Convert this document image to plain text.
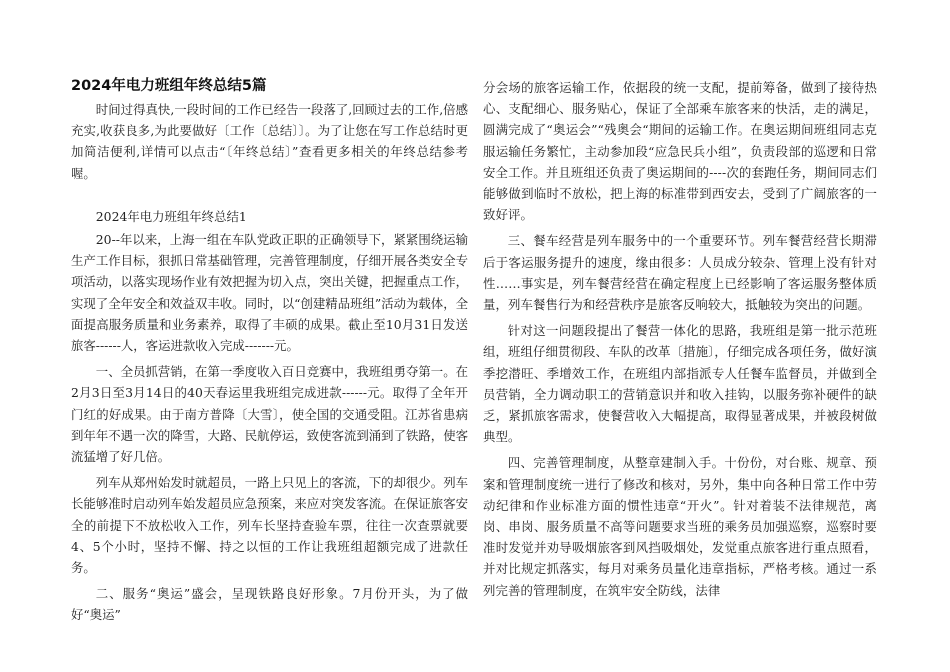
2024年电力班组年终总结5篇

时间过得真快,一段时间的工作已经告一段落了,回顾过去的工作,倍感充实,收获良多,为此要做好〔工作〔总结〕〕。为了让您在写工作总结时更加简洁便利,详情可以点击“〔年终总结〕”查看更多相关的年终总结参考喔。

2024年电力班组年终总结1

20--年以来，上海一组在车队党政正职的正确领导下，紧紧围绕运输生产工作目标，狠抓日常基础管理，完善管理制度，仔细开展各类安全专项活动，以落实现场作业有效把握为切入点，突出关键，把握重点工作，实现了全年安全和效益双丰收。同时，以“创建精品班组”活动为载体，全面提高服务质量和业务素养，取得了丰硕的成果。截止至10月31日发送旅客------人，客运进款收入完成-------元。

一、全员抓营销，在第一季度收入百日竞赛中，我班组勇夺第一。在2月3日至3月14日的40天春运里我班组完成进款------元。取得了全年开门红的好成果。由于南方普降〔大雪〕，使全国的交通受阻。江苏省患病到年年不遇一次的降雪，大路、民航停运，致使客流到涌到了铁路，使客流猛增了好几倍。

列车从郑州始发时就超员，一路上只见上的客流，下的却很少。列车长能够准时启动列车始发超员应急预案，来应对突发客流。在保证旅客安全的前提下不放松收入工作，列车长坚持查验车票，往往一次查票就要4、5个小时，坚持不懈、持之以恒的工作让我班组超额完成了进款任务。

二、服务“奥运”盛会，呈现铁路良好形象。7月份开头，为了做好“奥运”

分会场的旅客运输工作，依据段的统一支配，提前筹备，做到了接待热心、支配细心、服务贴心，保证了全部乘车旅客来的快活，走的满足，圆满完成了“奥运会”“残奥会“期间的运输工作。在奥运期间班组同志克服运输任务繁忙，主动参加段“应急民兵小组”，负责段部的巡逻和日常安全工作。并且班组还负责了奥运期间的----次的套跑任务，期间同志们能够做到临时不放松，把上海的标准带到西安去，受到了广阔旅客的一致好评。

三、餐车经营是列车服务中的一个重要环节。列车餐营经营长期滞后于客运服务提升的速度，缘由很多：人员成分较杂、管理上没有针对性……事实是，列车餐营经营在确定程度上已经影响了客运服务整体质量，列车餐售行为和经营秩序是旅客反响较大，抵触较为突出的问题。

针对这一问题段提出了餐营一体化的思路，我班组是第一批示范班组，班组仔细贯彻段、车队的改革〔措施〕，仔细完成各项任务，做好演季挖潜旺、季增效工作，在班组内部指派专人任餐车监督员，并做到全员营销，全力调动职工的营销意识并和收入挂钩，以服务弥补硬件的缺乏，紧抓旅客需求，使餐营收入大幅提高，取得显著成果，并被段树做典型。

四、完善管理制度，从整章建制入手。十份份，对台账、规章、预案和管理制度统一进行了修改和核对，另外，集中向各种日常工作中劳动纪律和作业标准方面的惯性违章“开火”。针对着装不法律规范，离岗、串岗、服务质量不高等问题要求当班的乘务员加强巡察，巡察时要准时发觉并劝导吸烟旅客到风挡吸烟处，发觉重点旅客进行重点照看，并对比规定抓落实，每月对乘务员量化违章指标，严格考核。通过一系列完善的管理制度，在筑牢安全防线，法律
